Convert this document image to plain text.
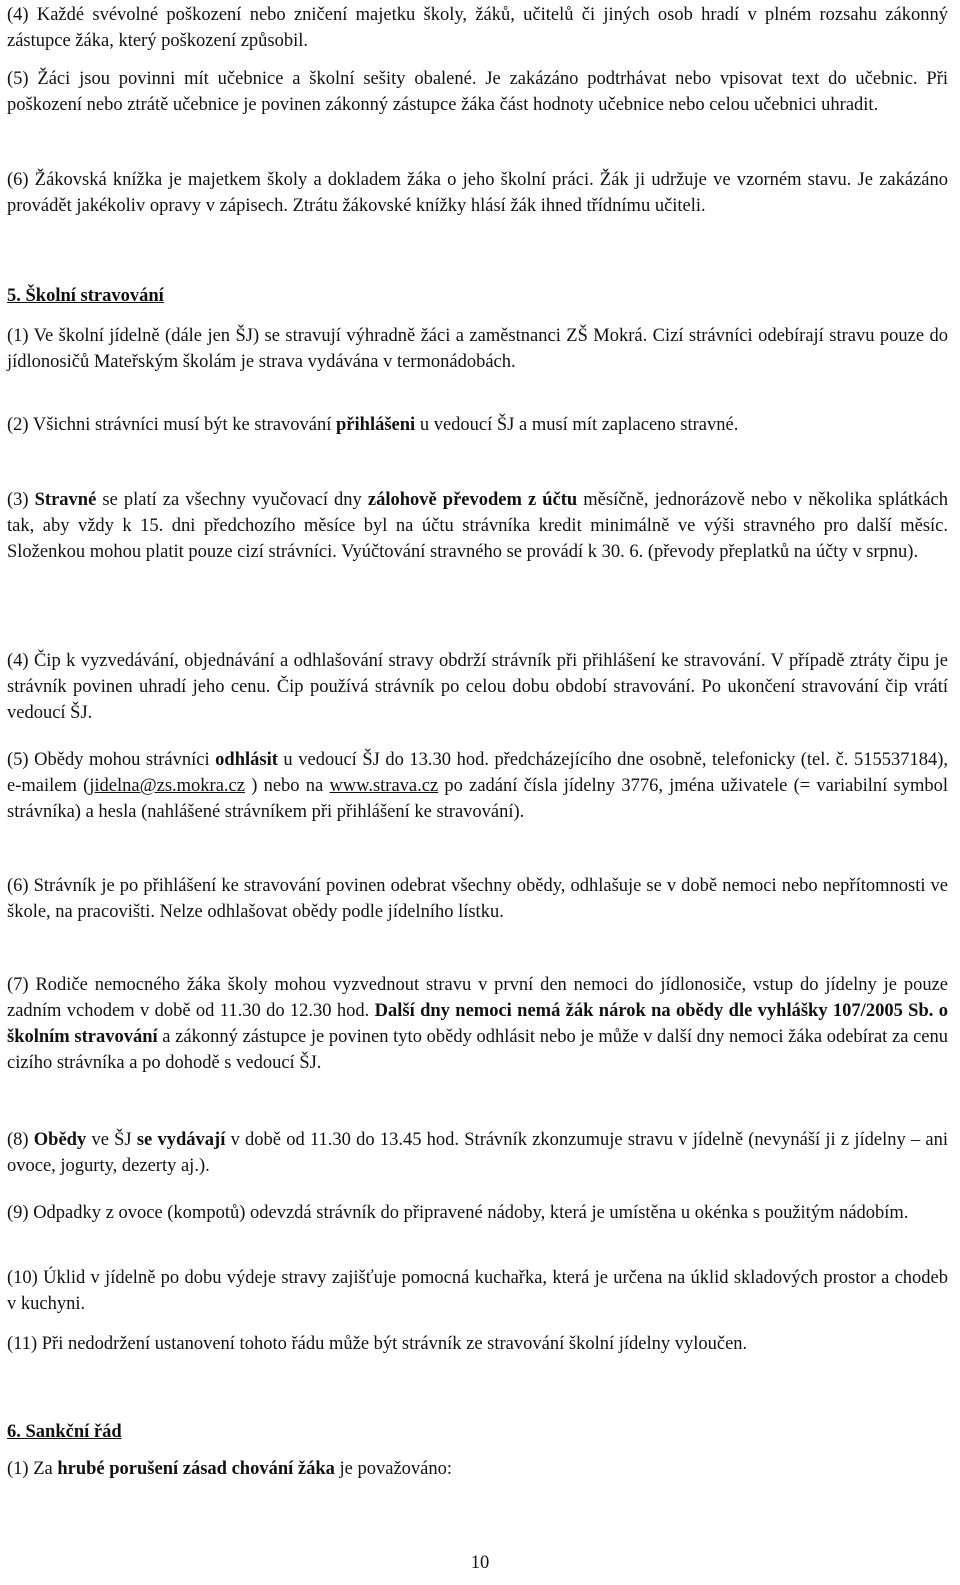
(4) Každé svévolné poškození nebo zničení majetku školy, žáků, učitelů či jiných osob hradí v plném rozsahu zákonný zástupce žáka, který poškození způsobil.

(5) Žáci jsou povinni mít učebnice a školní sešity obalené. Je zakázáno podtrhávat nebo vpisovat text do učebnic. Při poškození nebo ztrátě učebnice je povinen zákonný zástupce žáka část hodnoty učebnice nebo celou učebnici uhradit.

(6) Žákovská knížka je majetkem školy a dokladem žáka o jeho školní práci. Žák ji udržuje ve vzorném stavu. Je zakázáno provádět jakékoliv opravy v zápisech. Ztrátu žákovské knížky hlásí žák ihned třídnímu učiteli.

5. Školní stravování

(1) Ve školní jídelně (dále jen ŠJ) se stravují výhradně žáci a zaměstnanci ZŠ Mokrá. Cizí strávníci odebírají stravu pouze do jídlonosičů Mateřským školám je strava vydávána v termonádobách.

(2) Všichni strávníci musí být ke stravování přihlášeni u vedoucí ŠJ a musí mít zaplaceno stravné.

(3) Stravné se platí za všechny vyučovací dny zálohově převodem z účtu měsíčně, jednorázově nebo v několika splátkách tak, aby vždy k 15. dni předchozího měsíce byl na účtu strávníka kredit minimálně ve výši stravného pro další měsíc. Složenkou mohou platit pouze cizí strávníci. Vyúčtování stravného se provádí k 30. 6. (převody přeplatků na účty v srpnu).

(4) Čip k vyzvedávání, objednávání a odhlašování stravy obdrží strávník při přihlášení ke stravování. V případě ztráty čipu je strávník povinen uhradí jeho cenu. Čip používá strávník po celou dobu období stravování. Po ukončení stravování čip vrátí vedoucí ŠJ.

(5) Obědy mohou strávníci odhlásit u vedoucí ŠJ do 13.30 hod. předcházejícího dne osobně, telefonicky (tel. č. 515537184), e-mailem (jidelna@zs.mokra.cz ) nebo na www.strava.cz po zadání čísla jídelny 3776, jména uživatele (= variabilní symbol strávníka) a hesla (nahlášené strávníkem při přihlášení ke stravování).

(6) Strávník je po přihlášení ke stravování povinen odebrat všechny obědy, odhlašuje se v době nemoci nebo nepřítomnosti ve škole, na pracovišti. Nelze odhlašovat obědy podle jídelního lístku.

(7) Rodiče nemocného žáka školy mohou vyzvednout stravu v první den nemoci do jídlonosiče, vstup do jídelny je pouze zadním vchodem v době od 11.30 do 12.30 hod. Další dny nemoci nemá žák nárok na obědy dle vyhlášky 107/2005 Sb. o školním stravování a zákonný zástupce je povinen tyto obědy odhlásit nebo je může v další dny nemoci žáka odebírat za cenu cizího strávníka a po dohodě s vedoucí ŠJ.

(8) Obědy ve ŠJ se vydávají v době od 11.30 do 13.45 hod. Strávník zkonzumuje stravu v jídelně (nevynáší ji z jídelny – ani ovoce, jogurty, dezerty aj.).

(9) Odpadky z ovoce (kompotů) odevzdá strávník do připravené nádoby, která je umístěna u okénka s použitým nádobím.

(10) Úklid v jídelně po dobu výdeje stravy zajišťuje pomocná kuchařka, která je určena na úklid skladových prostor a chodeb v kuchyni.

(11) Při nedodržení ustanovení tohoto řádu může být strávník ze stravování školní jídelny vyloučen.

6. Sankční řád

(1) Za hrubé porušení zásad chování žáka je považováno:

10
